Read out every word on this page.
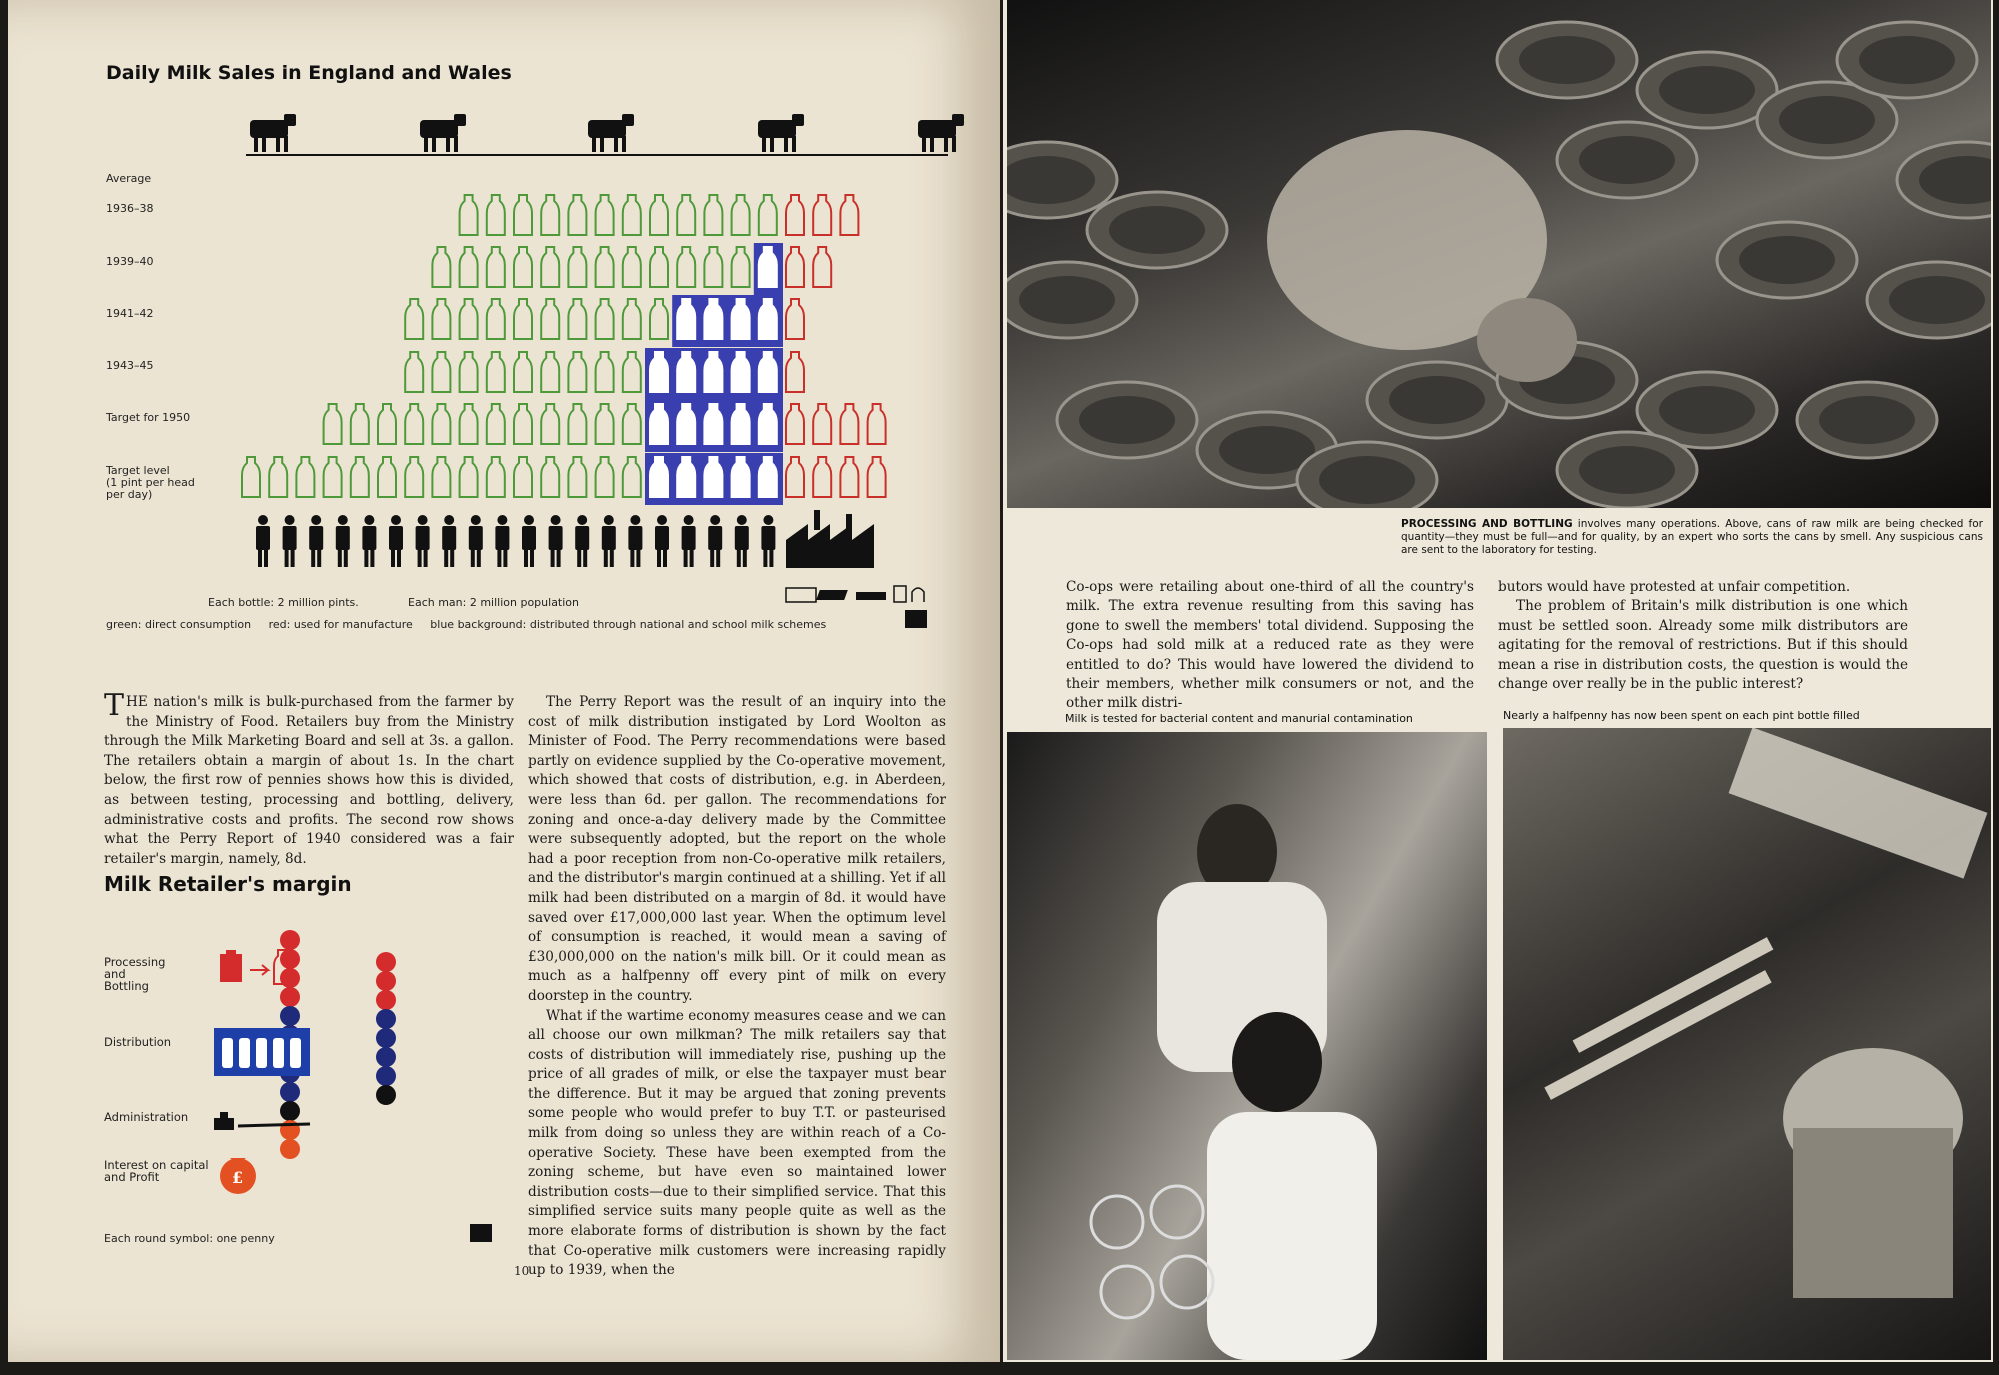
Daily Milk Sales in England and Wales
Average
1936–38
1939–40
1941–42
1943–45
Target for 1950
Target level
(1 pint per head
per day)
Each bottle: 2 million pints.	Each man: 2 million population
green: direct consumption     red: used for manufacture     blue background: distributed through national and school milk schemes
THE nation's milk is bulk-purchased from the farmer by the Ministry of Food. Retailers buy from the Ministry through the Milk Marketing Board and sell at 3s. a gallon. The retailers obtain a margin of about 1s. In the chart below, the first row of pennies shows how this is divided, as between testing, processing and bottling, delivery, administrative costs and profits. The second row shows what the Perry Report of 1940 considered was a fair retailer's margin, namely, 8d.
Milk Retailer's margin
£
Processing
and
Bottling
Distribution
Administration
Interest on capital
and Profit
Each round symbol: one penny

The Perry Report was the result of an inquiry into the cost of milk distribution instigated by Lord Woolton as Minister of Food. The Perry recommendations were based partly on evidence supplied by the Co-operative movement, which showed that costs of distribution, e.g. in Aberdeen, were less than 6d. per gallon. The recommendations for zoning and once-a-day delivery made by the Committee were subsequently adopted, but the report on the whole had a poor reception from non-Co-operative milk retailers, and the distributor's margin continued at a shilling. Yet if all milk had been distributed on a margin of 8d. it would have saved over £17,000,000 last year. When the optimum level of consumption is reached, it would mean a saving of £30,000,000 on the nation's milk bill. Or it could mean as much as a halfpenny off every pint of milk on every doorstep in the country.

What if the wartime economy measures cease and we can all choose our own milkman? The milk retailers say that costs of distribution will immediately rise, pushing up the price of all grades of milk, or else the taxpayer must bear the difference. But it may be argued that zoning prevents some people who would prefer to buy T.T. or pasteurised milk from doing so unless they are within reach of a Co-operative Society. These have been exempted from the zoning scheme, but have even so maintained lower distribution costs—due to their simplified service. That this simplified service suits many people quite as well as the more elaborate forms of distribution is shown by the fact that Co-operative milk customers were increasing rapidly up to 1939, when the

10
PROCESSING AND BOTTLING involves many operations. Above, cans of raw milk are being checked for quantity—they must be full—and for quality, by an expert who sorts the cans by smell. Any suspicious cans are sent to the laboratory for testing.

Co-ops were retailing about one-third of all the country's milk. The extra revenue resulting from this saving has gone to swell the members' total dividend. Supposing the Co-ops had sold milk at a reduced rate as they were entitled to do? This would have lowered the dividend to their members, whether milk consumers or not, and the other milk distri-

butors would have protested at unfair competition.

The problem of Britain's milk distribution is one which must be settled soon. Already some milk distributors are agitating for the removal of restrictions. But if this should mean a rise in distribution costs, the question is would the change over really be in the public interest?

Milk is tested for bacterial content and manurial contamination	Nearly a halfpenny has now been spent on each pint bottle filled
